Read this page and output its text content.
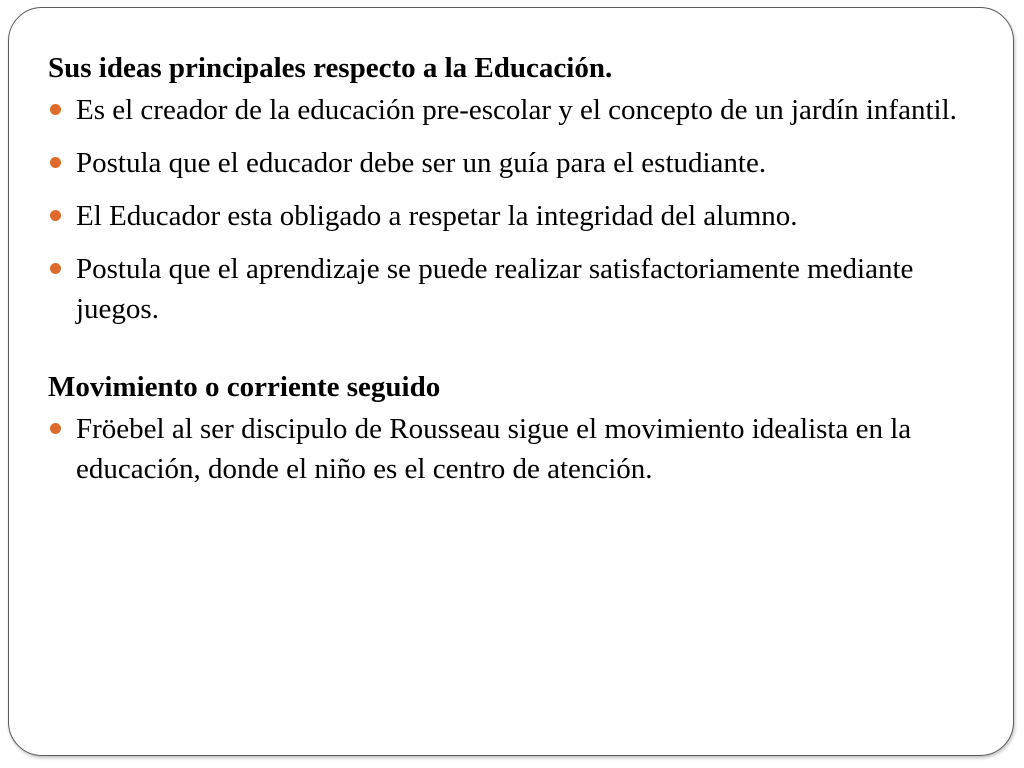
Sus ideas principales respecto a la Educación.
Es el creador de la educación pre-escolar y el concepto de un jardín infantil.
Postula que el educador debe ser un guía para el estudiante.
El Educador esta obligado a respetar la integridad del alumno.
Postula que el aprendizaje se puede realizar satisfactoriamente mediante juegos.
Movimiento o corriente seguido
Fröebel al ser discipulo de Rousseau sigue el movimiento idealista en la educación, donde el niño es el centro de atención.
